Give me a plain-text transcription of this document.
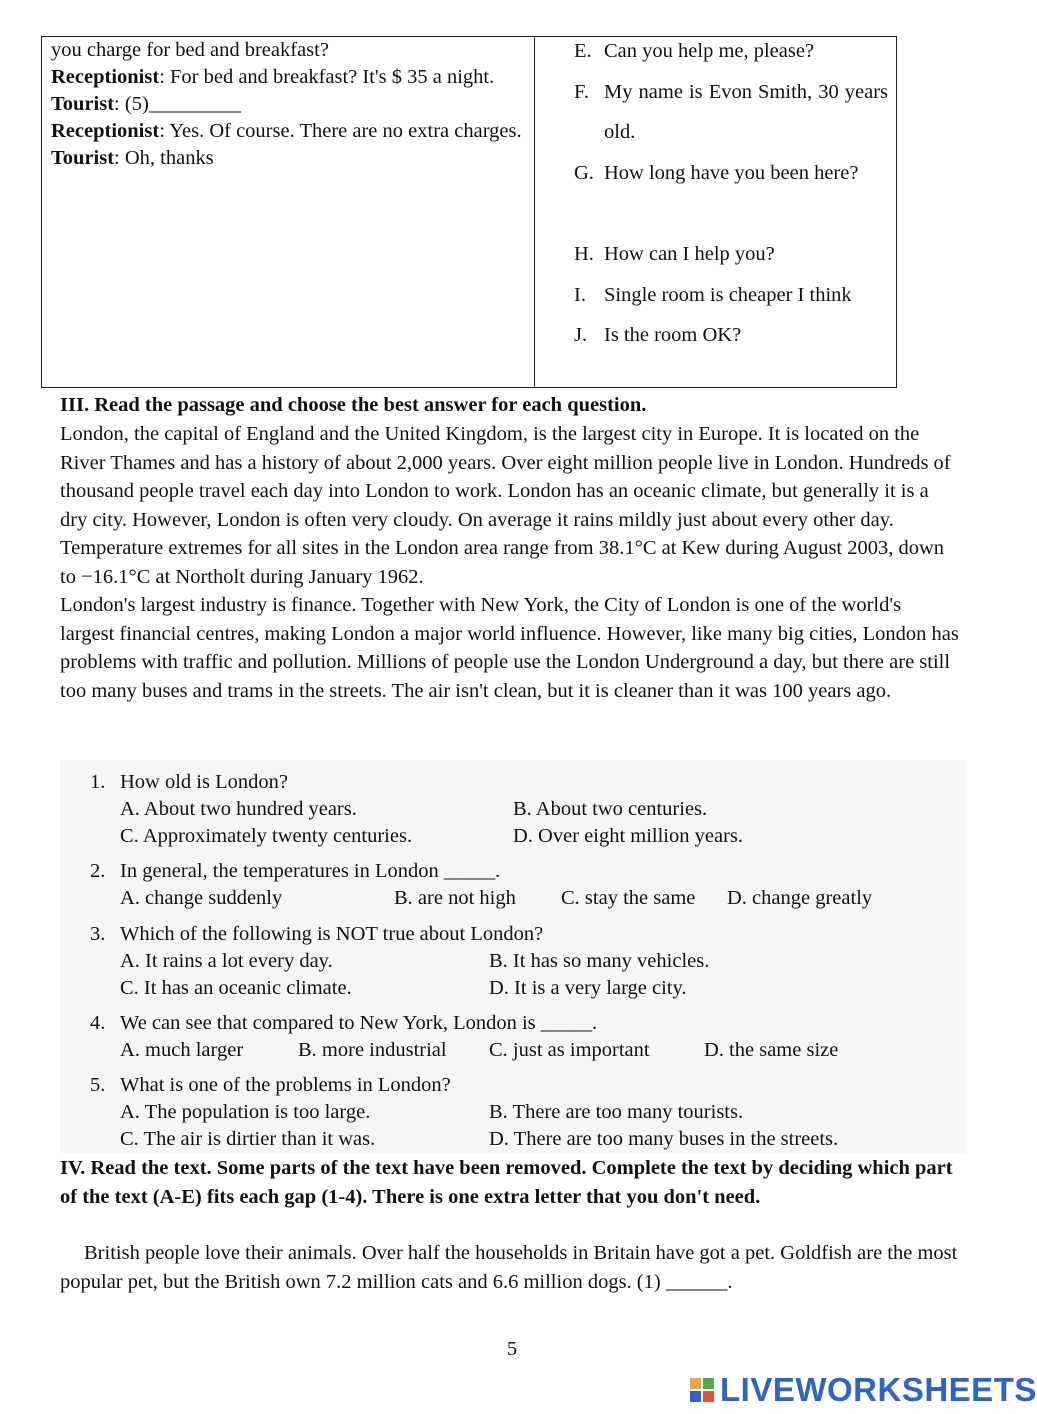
you charge for bed and breakfast?

Receptionist: For bed and breakfast? It's $ 35 a night.

Tourist: (5)_________

Receptionist: Yes. Of course. There are no extra charges.

Tourist: Oh, thanks

E. Can you help me, please?
F. My name is Evon Smith, 30 years old.
G. How long have you been here?
H. How can I help you?
I. Single room is cheaper I think
J. Is the room OK?
III. Read the passage and choose the best answer for each question.

London, the capital of England and the United Kingdom, is the largest city in Europe. It is located on the River Thames and has a history of about 2,000 years. Over eight million people live in London. Hundreds of thousand people travel each day into London to work. London has an oceanic climate, but generally it is a dry city. However, London is often very cloudy. On average it rains mildly just about every other day. Temperature extremes for all sites in the London area range from 38.1°C at Kew during August 2003, down to −16.1°C at Northolt during January 1962.

London's largest industry is finance. Together with New York, the City of London is one of the world's largest financial centres, making London a major world influence. However, like many big cities, London has problems with traffic and pollution. Millions of people use the London Underground a day, but there are still too many buses and trams in the streets. The air isn't clean, but it is cleaner than it was 100 years ago.

1. How old is London?
A. About two hundred years.	B. About two centuries.
C. Approximately twenty centuries.	D. Over eight million years.
2. In general, the temperatures in London _____.
A. change suddenly	B. are not high C. stay the same D. change greatly
3. Which of the following is NOT true about London?
A. It rains a lot every day.	B. It has so many vehicles.
C. It has an oceanic climate.	D. It is a very large city.
4. We can see that compared to New York, London is _____.
A. much larger	B. more industrial C. just as important	D. the same size
5. What is one of the problems in London?
A. The population is too large.	B. There are too many tourists.
C. The air is dirtier than it was.	D. There are too many buses in the streets.
IV. Read the text. Some parts of the text have been removed. Complete the text by deciding which part of the text (A-E) fits each gap (1-4). There is one extra letter that you don't need.

British people love their animals. Over half the households in Britain have got a pet. Goldfish are the most popular pet, but the British own 7.2 million cats and 6.6 million dogs. (1) ______.

5
LIVEWORKSHEETS
